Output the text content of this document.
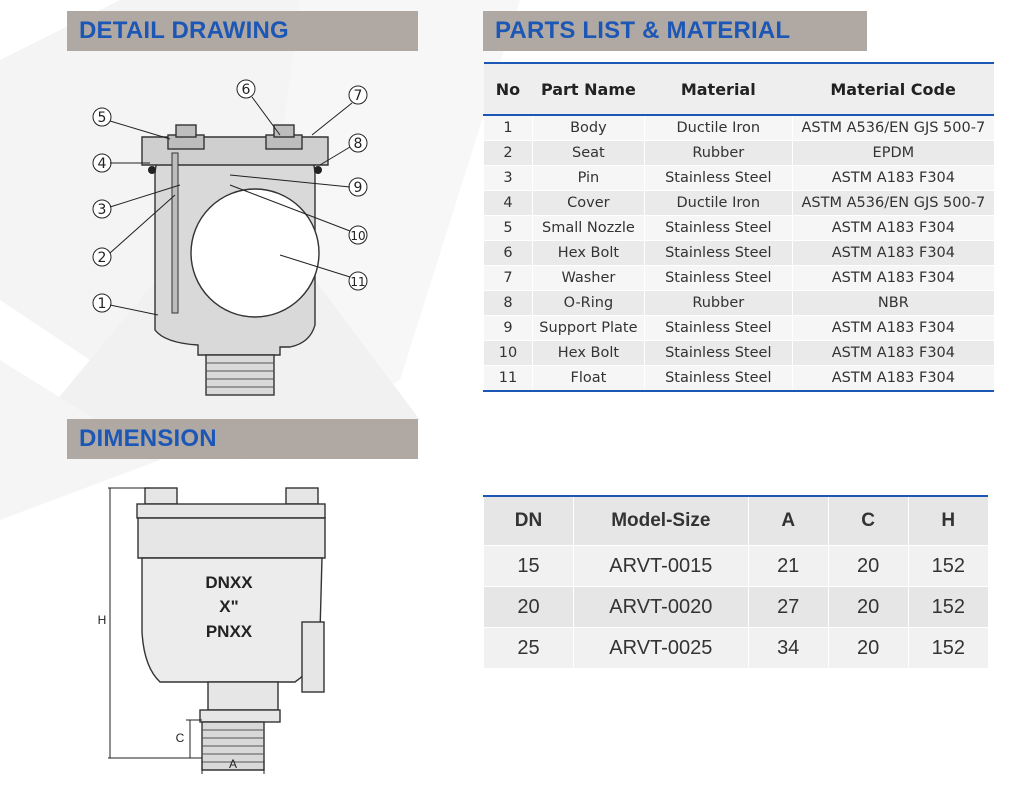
DETAIL DRAWING	PARTS LIST & MATERIAL
DIMENSION
1
2
3
4
5
6	7
8
9
10
11
DNXX
X"
PNXX
H
C
A
No	Part Name	Material	Material Code
1	Body	Ductile Iron	ASTM A536/EN GJS 500-7
2	Seat	Rubber	EPDM
3	Pin	Stainless Steel	ASTM A183 F304
4	Cover	Ductile Iron	ASTM A536/EN GJS 500-7
5	Small Nozzle	Stainless Steel	ASTM A183 F304
6	Hex Bolt	Stainless Steel	ASTM A183 F304
7	Washer	Stainless Steel	ASTM A183 F304
8	O-Ring	Rubber	NBR
9	Support Plate	Stainless Steel	ASTM A183 F304
10	Hex Bolt	Stainless Steel	ASTM A183 F304
11	Float	Stainless Steel	ASTM A183 F304
DN	Model-Size	A	C	H
15	ARVT-0015	21	20	152
20	ARVT-0020	27	20	152
25	ARVT-0025	34	20	152
